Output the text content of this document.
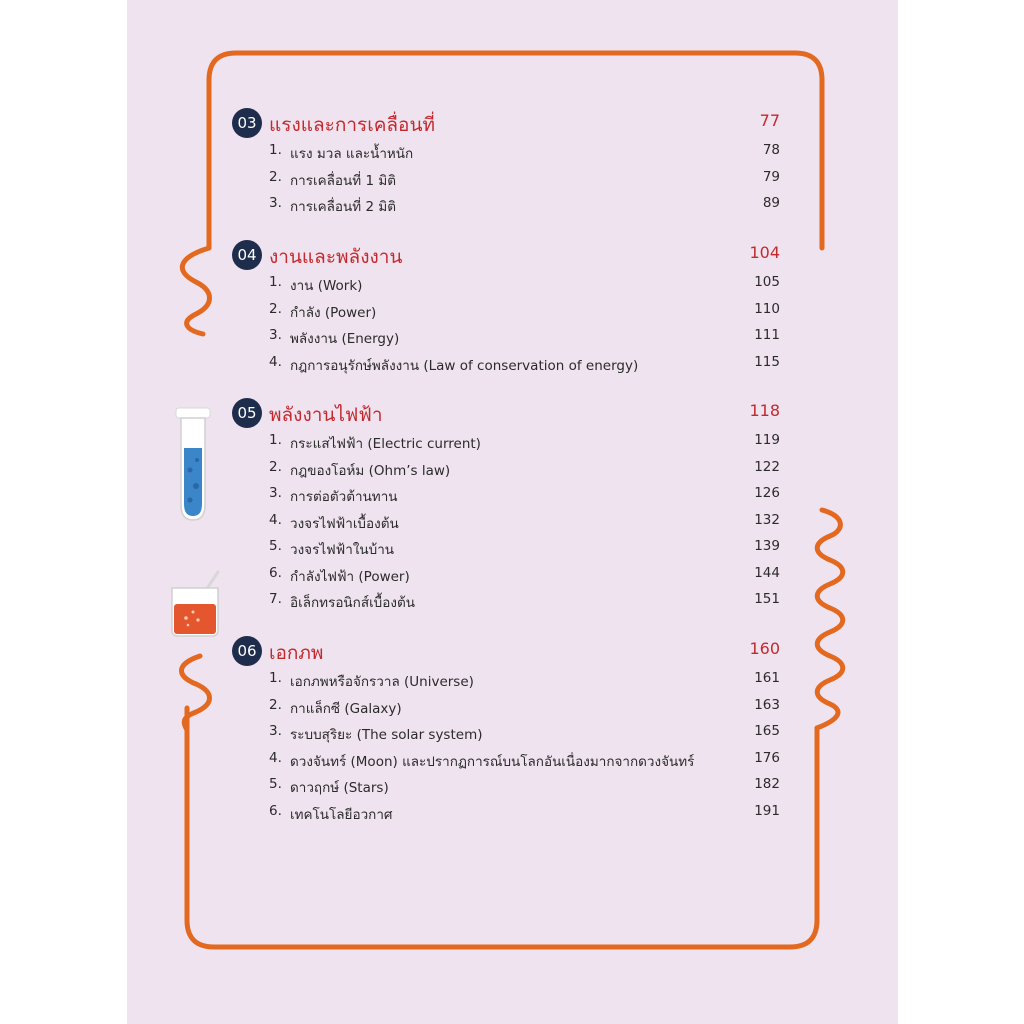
03 แรงและการเคลื่อนที่	77
1. แรง มวล และน้ำหนัก	78
2. การเคลื่อนที่ 1 มิติ	79
3. การเคลื่อนที่ 2 มิติ	89
04 งานและพลังงาน	104
1. งาน (Work)	105
2. กำลัง (Power)	110
3. พลังงาน (Energy)	111
4. กฎการอนุรักษ์พลังงาน (Law of conservation of energy)	115
05 พลังงานไฟฟ้า	118
1. กระแสไฟฟ้า (Electric current)	119
2. กฎของโอห์ม (Ohm’s law)	122
3. การต่อตัวต้านทาน	126
4. วงจรไฟฟ้าเบื้องต้น	132
5. วงจรไฟฟ้าในบ้าน	139
6. กำลังไฟฟ้า (Power)	144
7. อิเล็กทรอนิกส์เบื้องต้น	151
06 เอกภพ	160
1. เอกภพหรือจักรวาล (Universe)	161
2. กาแล็กซี (Galaxy)	163
3. ระบบสุริยะ (The solar system)	165
4. ดวงจันทร์ (Moon) และปรากฏการณ์บนโลกอันเนื่องมากจากดวงจันทร์	176
5. ดาวฤกษ์ (Stars)	182
6. เทคโนโลยีอวกาศ	191
